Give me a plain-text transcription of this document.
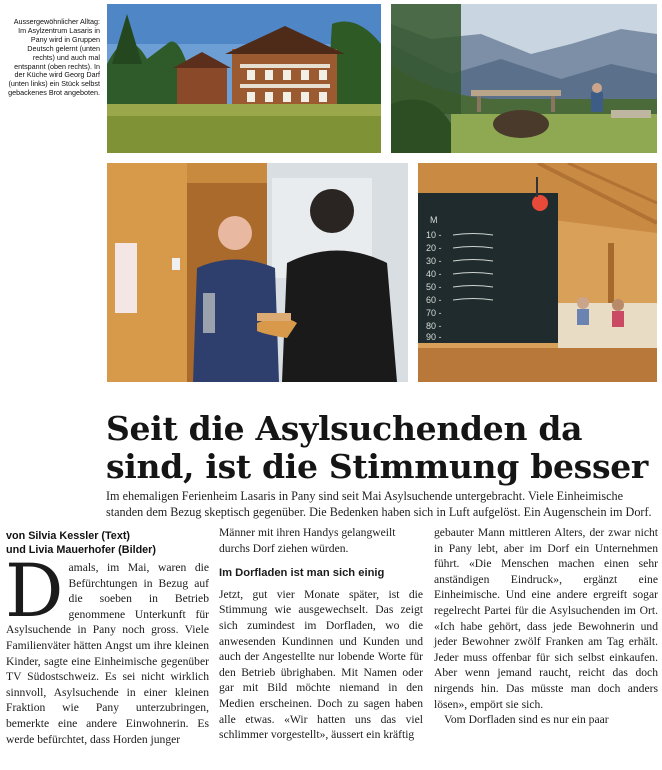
Aussergewöhnlicher Alltag: Im Asylzentrum Lasaris in Pany wird in Gruppen Deutsch gelernt (unten rechts) und auch mal entspannt (oben rechts). In der Küche wird Georg Darf (unten links) ein Stück selbst gebackenes Brot angeboten.
M
10 -
20 -
30 -
40 -
50 -
60 -
70 -
80 -
90 -
Seit die Asylsuchenden da
sind, ist die Stimmung besser
Im ehemaligen Ferienheim Lasaris in Pany sind seit Mai Asylsuchende untergebracht. Viele Einheimische standen dem Bezug skeptisch gegenüber. Die Bedenken haben sich in Luft aufgelöst. Ein Augenschein im Dorf.
von Silvia Kessler (Text)
und Livia Mauerhofer (Bilder)

Damals, im Mai, waren die Befürchtungen in Bezug auf die soeben in Betrieb genommene Unterkunft für Asylsuchende in Pany noch gross. Viele Familienväter hätten Angst um ihre kleinen Kinder, sagte eine Einheimische gegenüber TV Südostschweiz. Es sei nicht wirklich sinnvoll, Asylsuchende in einer kleinen Fraktion wie Pany unterzubringen, bemerkte eine andere Einwohnerin. Es werde befürchtet, dass Horden junger

Männer mit ihren Handys gelangweilt durchs Dorf ziehen würden.

Im Dorfladen ist man sich einig

Jetzt, gut vier Monate später, ist die Stimmung wie ausgewechselt. Das zeigt sich zumindest im Dorfladen, wo die anwesenden Kundinnen und Kunden und auch der Angestellte nur lobende Worte für den Betrieb übrighaben. Mit Namen oder gar mit Bild möchte niemand in den Medien erscheinen. Doch zu sagen haben alle etwas. «Wir hatten uns das viel schlimmer vorgestellt», äussert ein kräftig

gebauter Mann mittleren Alters, der zwar nicht in Pany lebt, aber im Dorf ein Unternehmen führt. «Die Menschen machen einen sehr anständigen Eindruck», ergänzt eine Einheimische. Und eine andere ergreift sogar regelrecht Partei für die Asylsuchenden im Ort. «Ich habe gehört, dass jede Bewohnerin und jeder Bewohner zwölf Franken am Tag erhält. Jeder muss offenbar für sich selbst einkaufen. Aber wenn jemand raucht, reicht das doch nirgends hin. Das müsste man doch anders lösen», empört sie sich.

Vom Dorfladen sind es nur ein paar
